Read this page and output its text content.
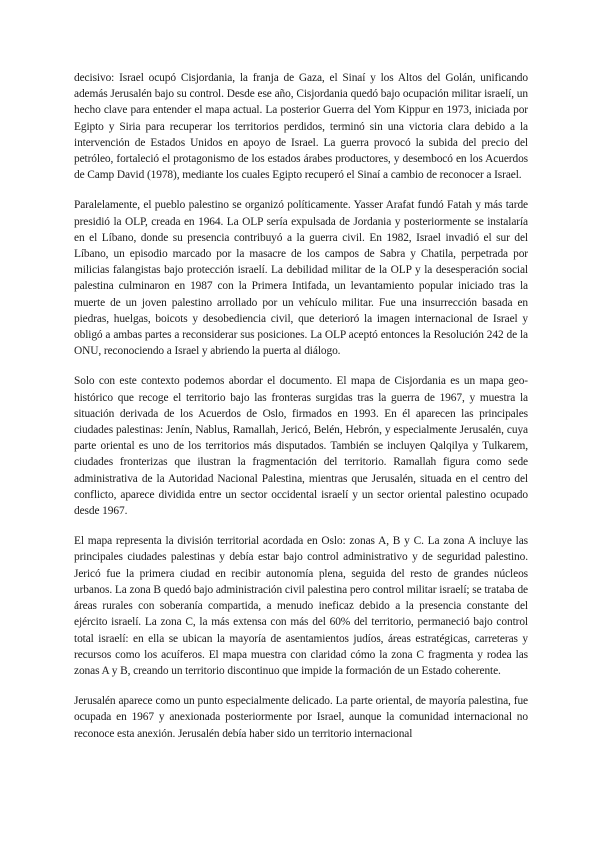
decisivo: Israel ocupó Cisjordania, la franja de Gaza, el Sinaí y los Altos del Golán, unificando además Jerusalén bajo su control. Desde ese año, Cisjordania quedó bajo ocupación militar israelí, un hecho clave para entender el mapa actual. La posterior Guerra del Yom Kippur en 1973, iniciada por Egipto y Siria para recuperar los territorios perdidos, terminó sin una victoria clara debido a la intervención de Estados Unidos en apoyo de Israel. La guerra provocó la subida del precio del petróleo, fortaleció el protagonismo de los estados árabes productores, y desembocó en los Acuerdos de Camp David (1978), mediante los cuales Egipto recuperó el Sinaí a cambio de reconocer a Israel.

Paralelamente, el pueblo palestino se organizó políticamente. Yasser Arafat fundó Fatah y más tarde presidió la OLP, creada en 1964. La OLP sería expulsada de Jordania y posteriormente se instalaría en el Líbano, donde su presencia contribuyó a la guerra civil. En 1982, Israel invadió el sur del Líbano, un episodio marcado por la masacre de los campos de Sabra y Chatila, perpetrada por milicias falangistas bajo protección israelí. La debilidad militar de la OLP y la desesperación social palestina culminaron en 1987 con la Primera Intifada, un levantamiento popular iniciado tras la muerte de un joven palestino arrollado por un vehículo militar. Fue una insurrección basada en piedras, huelgas, boicots y desobediencia civil, que deterioró la imagen internacional de Israel y obligó a ambas partes a reconsiderar sus posiciones. La OLP aceptó entonces la Resolución 242 de la ONU, reconociendo a Israel y abriendo la puerta al diálogo.

Solo con este contexto podemos abordar el documento. El mapa de Cisjordania es un mapa geo-histórico que recoge el territorio bajo las fronteras surgidas tras la guerra de 1967, y muestra la situación derivada de los Acuerdos de Oslo, firmados en 1993. En él aparecen las principales ciudades palestinas: Jenín, Nablus, Ramallah, Jericó, Belén, Hebrón, y especialmente Jerusalén, cuya parte oriental es uno de los territorios más disputados. También se incluyen Qalqilya y Tulkarem, ciudades fronterizas que ilustran la fragmentación del territorio. Ramallah figura como sede administrativa de la Autoridad Nacional Palestina, mientras que Jerusalén, situada en el centro del conflicto, aparece dividida entre un sector occidental israelí y un sector oriental palestino ocupado desde 1967.

El mapa representa la división territorial acordada en Oslo: zonas A, B y C. La zona A incluye las principales ciudades palestinas y debía estar bajo control administrativo y de seguridad palestino. Jericó fue la primera ciudad en recibir autonomía plena, seguida del resto de grandes núcleos urbanos. La zona B quedó bajo administración civil palestina pero control militar israelí; se trataba de áreas rurales con soberanía compartida, a menudo ineficaz debido a la presencia constante del ejército israelí. La zona C, la más extensa con más del 60% del territorio, permaneció bajo control total israelí: en ella se ubican la mayoría de asentamientos judíos, áreas estratégicas, carreteras y recursos como los acuíferos. El mapa muestra con claridad cómo la zona C fragmenta y rodea las zonas A y B, creando un territorio discontinuo que impide la formación de un Estado coherente.

Jerusalén aparece como un punto especialmente delicado. La parte oriental, de mayoría palestina, fue ocupada en 1967 y anexionada posteriormente por Israel, aunque la comunidad internacional no reconoce esta anexión. Jerusalén debía haber sido un territorio internacional
